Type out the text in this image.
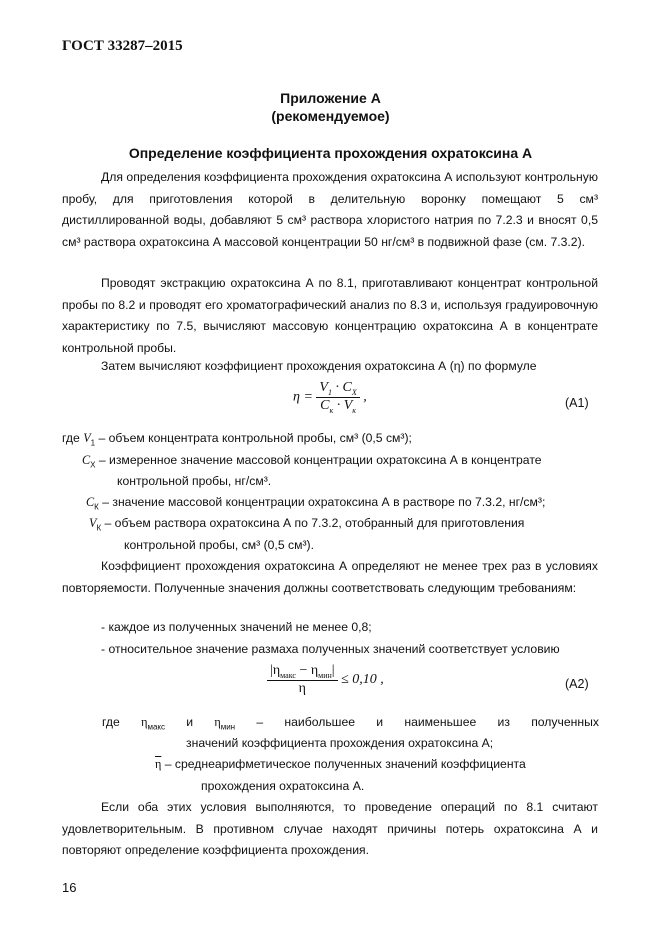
ГОСТ 33287–2015
Приложение А
(рекомендуемое)
Определение коэффициента прохождения охратоксина А
Для определения коэффициента прохождения охратоксина А используют контрольную пробу, для приготовления которой в делительную воронку помещают 5 см³ дистиллированной воды, добавляют 5 см³ раствора хлористого натрия по 7.2.3 и вносят 0,5 см³ раствора охратоксина А массовой концентрации 50 нг/см³ в подвижной фазе (см. 7.3.2).
Проводят экстракцию охратоксина А по 8.1, приготавливают концентрат контрольной пробы по 8.2 и проводят его хроматографический анализ по 8.3 и, используя градуировочную характеристику по 7.5, вычисляют массовую концентрацию охратоксина А в концентрате контрольной пробы.
Затем вычисляют коэффициент прохождения охратоксина А (η) по формуле
$\eta = \frac{V_1 \cdot C_X}{C_к \cdot V_к}$ ,	(А1)
где $V_1$ – объем концентрата контрольной пробы, см³ (0,5 см³);
$C_X$ – измеренное значение массовой концентрации охратоксина А в концентрате
контрольной пробы, нг/см³.
$C_К$ – значение массовой концентрации охратоксина А в растворе по 7.3.2, нг/см³;
$V_К$ – объем раствора охратоксина А по 7.3.2, отобранный для приготовления
контрольной пробы, см³ (0,5 см³).
Коэффициент прохождения охратоксина А определяют не менее трех раз в условиях повторяемости. Полученные значения должны соответствовать следующим требованиям:
- каждое из полученных значений не менее 0,8;
- относительное значение размаха полученных значений соответствует условию
$\frac{|\eta_{макс} - \eta_{мин}|}{\eta} \le 0,10$ ,	(А2)
где $\eta_{макс}$ и $\eta_{мин}$ – наибольшее и наименьшее из полученных
значений коэффициента прохождения охратоксина А;
$\overline{\eta}$ – среднеарифметическое полученных значений коэффициента
прохождения охратоксина А.
Если оба этих условия выполняются, то проведение операций по 8.1 считают удовлетворительным. В противном случае находят причины потерь охратоксина А и повторяют определение коэффициента прохождения.
16
